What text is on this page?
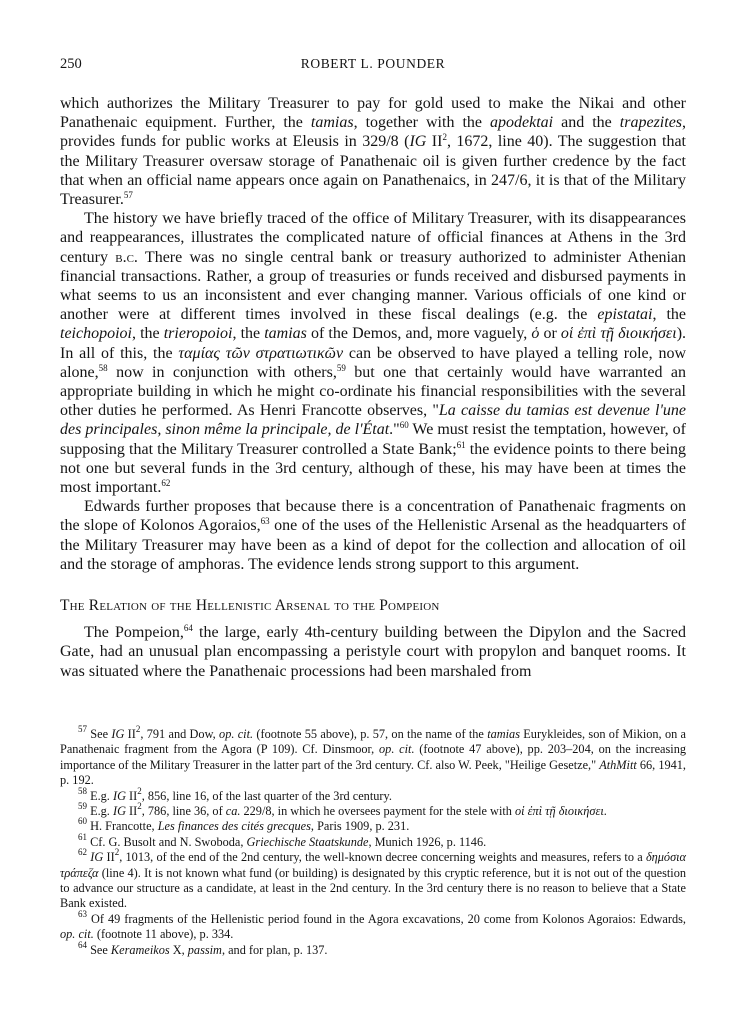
250	ROBERT L. POUNDER

which authorizes the Military Treasurer to pay for gold used to make the Nikai and other Panathenaic equipment. Further, the tamias, together with the apodektai and the trapezites, provides funds for public works at Eleusis in 329/8 (IG $II^2$, 1672, line 40). The suggestion that the Military Treasurer oversaw storage of Panathenaic oil is given further credence by the fact that when an official name appears once again on Panathenaics, in 247/6, it is that of the Military Treasurer.$^{57}$

The history we have briefly traced of the office of Military Treasurer, with its disappearances and reappearances, illustrates the complicated nature of official finances at Athens in the 3rd century b.c. There was no single central bank or treasury authorized to administer Athenian financial transactions. Rather, a group of treasuries or funds received and disbursed payments in what seems to us an inconsistent and ever changing manner. Various officials of one kind or another were at different times involved in these fiscal dealings (e.g. the epistatai, the teichopoioi, the trieropoioi, the tamias of the Demos, and, more vaguely, ὁ or οἱ ἐπὶ τῇ διοικήσει). In all of this, the ταμίας τῶν στρατιωτικῶν can be observed to have played a telling role, now alone,$^{58}$ now in conjunction with others,$^{59}$ but one that certainly would have warranted an appropriate building in which he might co-ordinate his financial responsibilities with the several other duties he performed. As Henri Francotte observes, "La caisse du tamias est devenue l'une des principales, sinon même la principale, de l'État."$^{60}$ We must resist the temptation, however, of supposing that the Military Treasurer controlled a State Bank;$^{61}$ the evidence points to there being not one but several funds in the 3rd century, although of these, his may have been at times the most important.$^{62}$

Edwards further proposes that because there is a concentration of Panathenaic fragments on the slope of Kolonos Agoraios,$^{63}$ one of the uses of the Hellenistic Arsenal as the headquarters of the Military Treasurer may have been as a kind of depot for the collection and allocation of oil and the storage of amphoras. The evidence lends strong support to this argument.

The Relation of the Hellenistic Arsenal to the Pompeion

The Pompeion,$^{64}$ the large, early 4th-century building between the Dipylon and the Sacred Gate, had an unusual plan encompassing a peristyle court with propylon and banquet rooms. It was situated where the Panathenaic processions had been marshaled from

$^{57}$ See IG $II^2$, 791 and Dow, op. cit. (footnote 55 above), p. 57, on the name of the tamias Eurykleides, son of Mikion, on a Panathenaic fragment from the Agora (P 109). Cf. Dinsmoor, op. cit. (footnote 47 above), pp. 203–204, on the increasing importance of the Military Treasurer in the latter part of the 3rd century. Cf. also W. Peek, "Heilige Gesetze," AthMitt 66, 1941, p. 192.

$^{58}$ E.g. IG $II^2$, 856, line 16, of the last quarter of the 3rd century.

$^{59}$ E.g. IG $II^2$, 786, line 36, of ca. 229/8, in which he oversees payment for the stele with οἱ ἐπὶ τῇ διοικήσει.

$^{60}$ H. Francotte, Les finances des cités grecques, Paris 1909, p. 231.

$^{61}$ Cf. G. Busolt and N. Swoboda, Griechische Staatskunde, Munich 1926, p. 1146.

$^{62}$ IG $II^2$, 1013, of the end of the 2nd century, the well-known decree concerning weights and measures, refers to a δημόσια τράπεζα (line 4). It is not known what fund (or building) is designated by this cryptic reference, but it is not out of the question to advance our structure as a candidate, at least in the 2nd century. In the 3rd century there is no reason to believe that a State Bank existed.

$^{63}$ Of 49 fragments of the Hellenistic period found in the Agora excavations, 20 come from Kolonos Agoraios: Edwards, op. cit. (footnote 11 above), p. 334.

$^{64}$ See Kerameikos X, passim, and for plan, p. 137.
